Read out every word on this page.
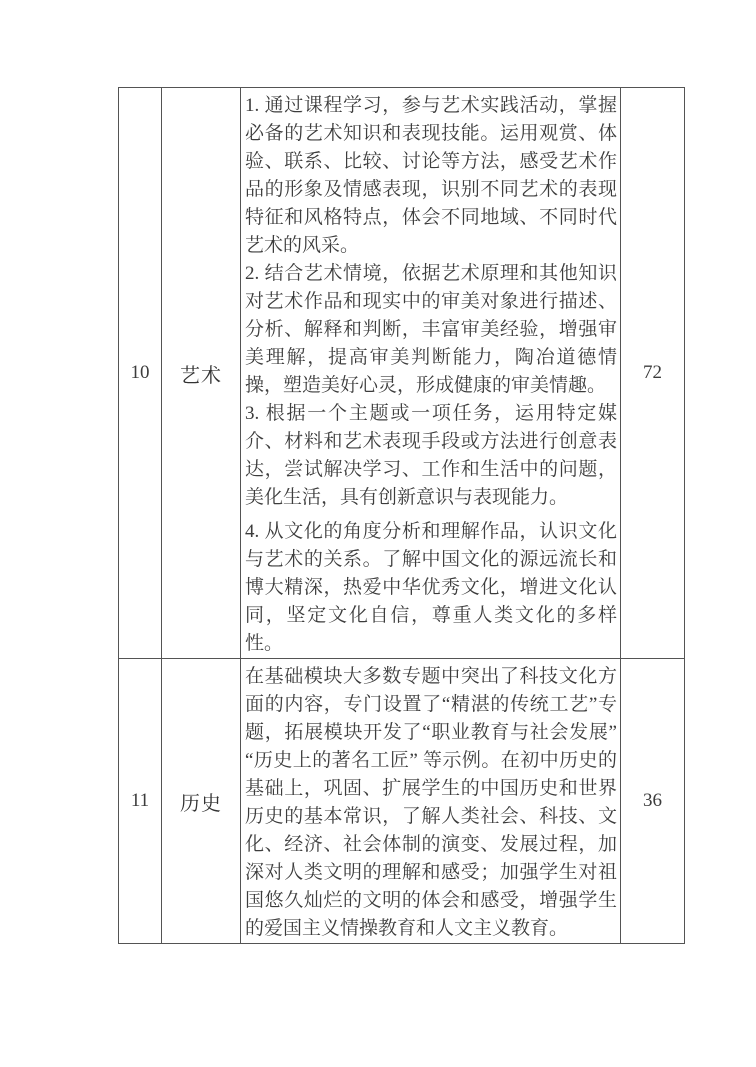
10	艺术	1. 通过课程学习，参与艺术实践活动，掌握必备的艺术知识和表现技能。运用观赏、体验、联系、比较、讨论等方法，感受艺术作品的形象及情感表现，识别不同艺术的表现特征和风格特点，体会不同地域、不同时代艺术的风采。

2. 结合艺术情境，依据艺术原理和其他知识对艺术作品和现实中的审美对象进行描述、分析、解释和判断，丰富审美经验，增强审美理解，提高审美判断能力，陶冶道德情操，塑造美好心灵，形成健康的审美情趣。

3. 根据一个主题或一项任务，运用特定媒介、材料和艺术表现手段或方法进行创意表达，尝试解决学习、工作和生活中的问题，美化生活，具有创新意识与表现能力。

4. 从文化的角度分析和理解作品，认识文化与艺术的关系。了解中国文化的源远流长和博大精深，热爱中华优秀文化，增进文化认同，坚定文化自信，尊重人类文化的多样性。	72
11	历史	在基础模块大多数专题中突出了科技文化方面的内容，专门设置了“精湛的传统工艺”专题，拓展模块开发了“职业教育与社会发展” “历史上的著名工匠” 等示例。在初中历史的基础上，巩固、扩展学生的中国历史和世界历史的基本常识，了解人类社会、科技、文化、经济、社会体制的演变、发展过程，加深对人类文明的理解和感受；加强学生对祖国悠久灿烂的文明的体会和感受，增强学生的爱国主义情操教育和人文主义教育。	36
